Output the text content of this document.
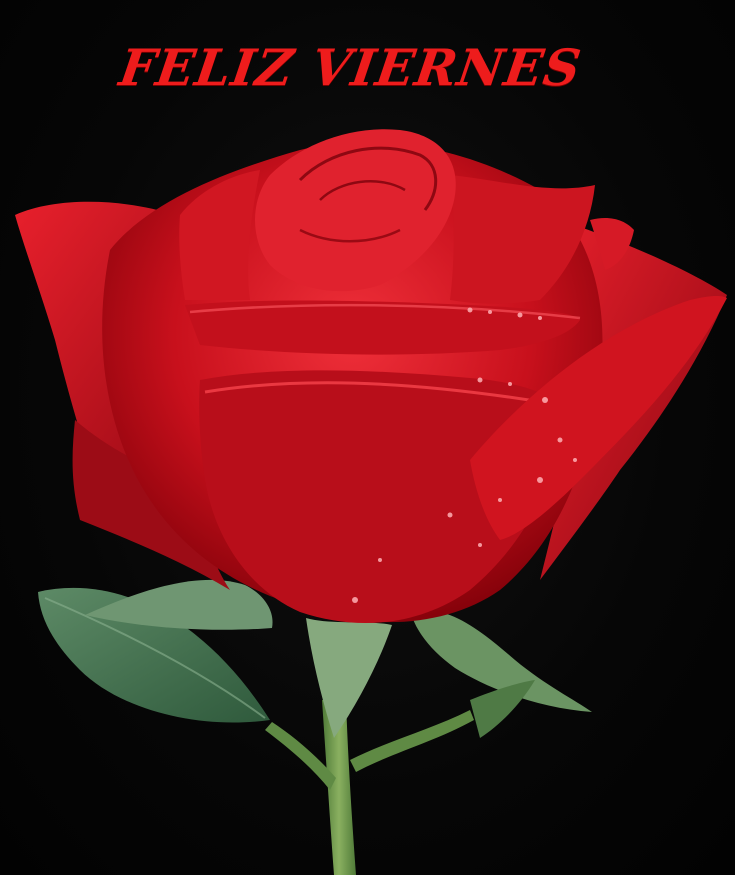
FELIZ VIERNES
